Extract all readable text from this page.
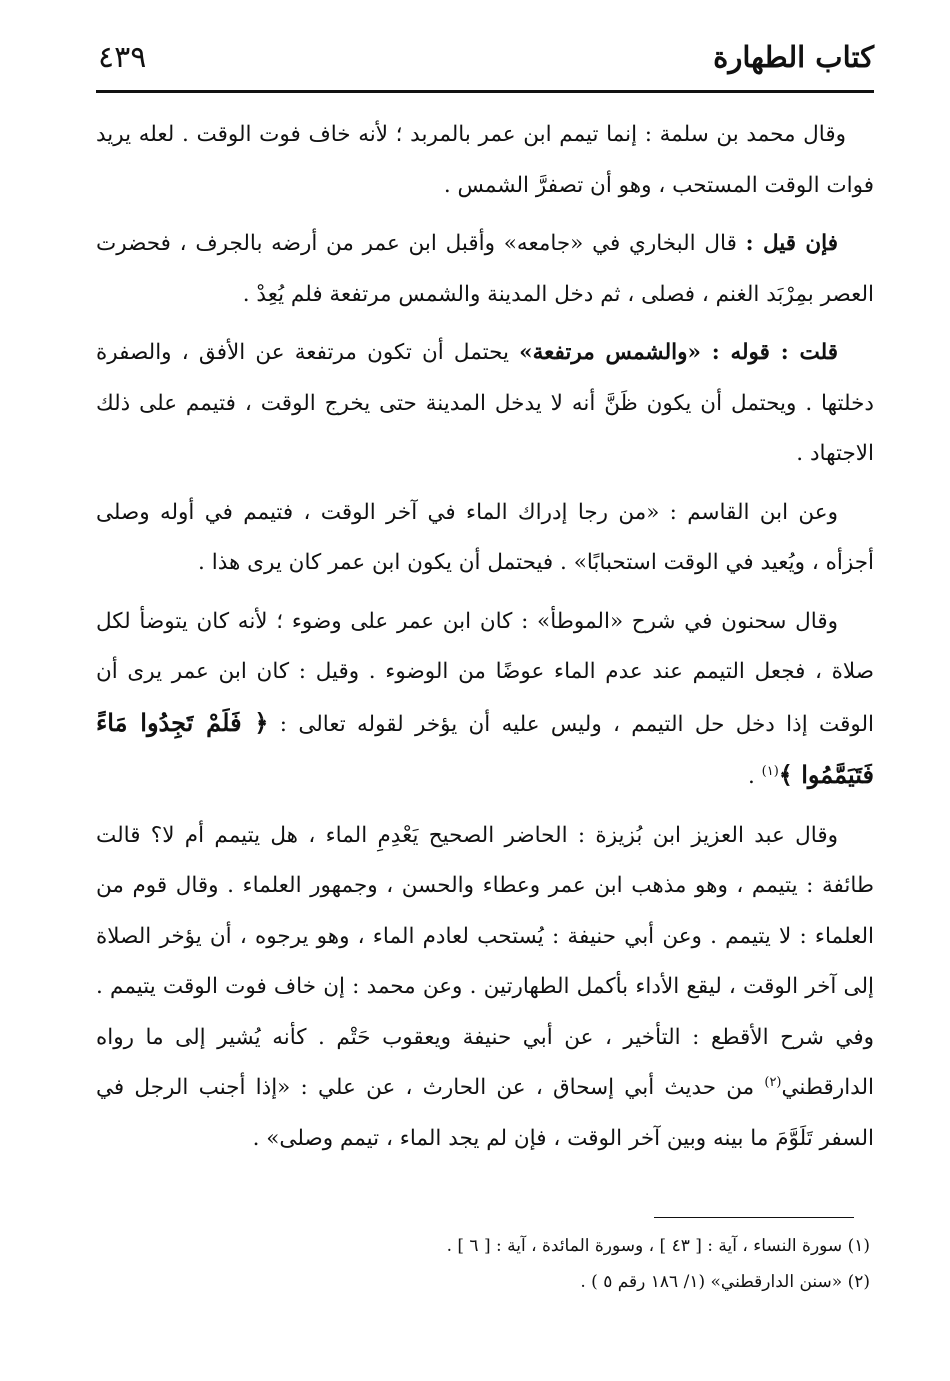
كتاب الطهارة
٤٣٩

وقال محمد بن سلمة : إنما تيمم ابن عمر بالمربد ؛ لأنه خاف فوت الوقت . لعله يريد فوات الوقت المستحب ، وهو أن تصفرَّ الشمس .

فإن قيل : قال البخاري في «جامعه» وأقبل ابن عمر من أرضه بالجرف ، فحضرت العصر بمِرْبَد الغنم ، فصلى ، ثم دخل المدينة والشمس مرتفعة فلم يُعِدْ .

قلت : قوله : «والشمس مرتفعة» يحتمل أن تكون مرتفعة عن الأفق ، والصفرة دخلتها . ويحتمل أن يكون ظَنَّ أنه لا يدخل المدينة حتى يخرج الوقت ، فتيمم على ذلك الاجتهاد .

وعن ابن القاسم : «من رجا إدراك الماء في آخر الوقت ، فتيمم في أوله وصلى أجزأه ، ويُعيد في الوقت استحبابًا» . فيحتمل أن يكون ابن عمر كان يرى هذا .

وقال سحنون في شرح «الموطأ» : كان ابن عمر على وضوء ؛ لأنه كان يتوضأ لكل صلاة ، فجعل التيمم عند عدم الماء عوضًا من الوضوء . وقيل : كان ابن عمر يرى أن الوقت إذا دخل حل التيمم ، وليس عليه أن يؤخر لقوله تعالى : ﴿ فَلَمْ تَجِدُوا مَاءً فَتَيَمَّمُوا ﴾$^{(١)}$ .

وقال عبد العزيز ابن بُزيزة : الحاضر الصحيح يَعْدِمِ الماء ، هل يتيمم أم لا؟ قالت طائفة : يتيمم ، وهو مذهب ابن عمر وعطاء والحسن ، وجمهور العلماء . وقال قوم من العلماء : لا يتيمم . وعن أبي حنيفة : يُستحب لعادم الماء ، وهو يرجوه ، أن يؤخر الصلاة إلى آخر الوقت ، ليقع الأداء بأكمل الطهارتين . وعن محمد : إن خاف فوت الوقت يتيمم . وفي شرح الأقطع : التأخير ، عن أبي حنيفة ويعقوب حَتْم . كأنه يُشير إلى ما رواه الدارقطني$^{(٢)}$ من حديث أبي إسحاق ، عن الحارث ، عن علي : «إذا أجنب الرجل في السفر تَلَوَّمَ ما بينه وبين آخر الوقت ، فإن لم يجد الماء ، تيمم وصلى» .

(١) سورة النساء ، آية : [ ٤٣ ] ، وسورة المائدة ، آية : [ ٦ ] .

(٢) «سنن الدارقطني» (١/ ١٨٦ رقم ٥ ) .
